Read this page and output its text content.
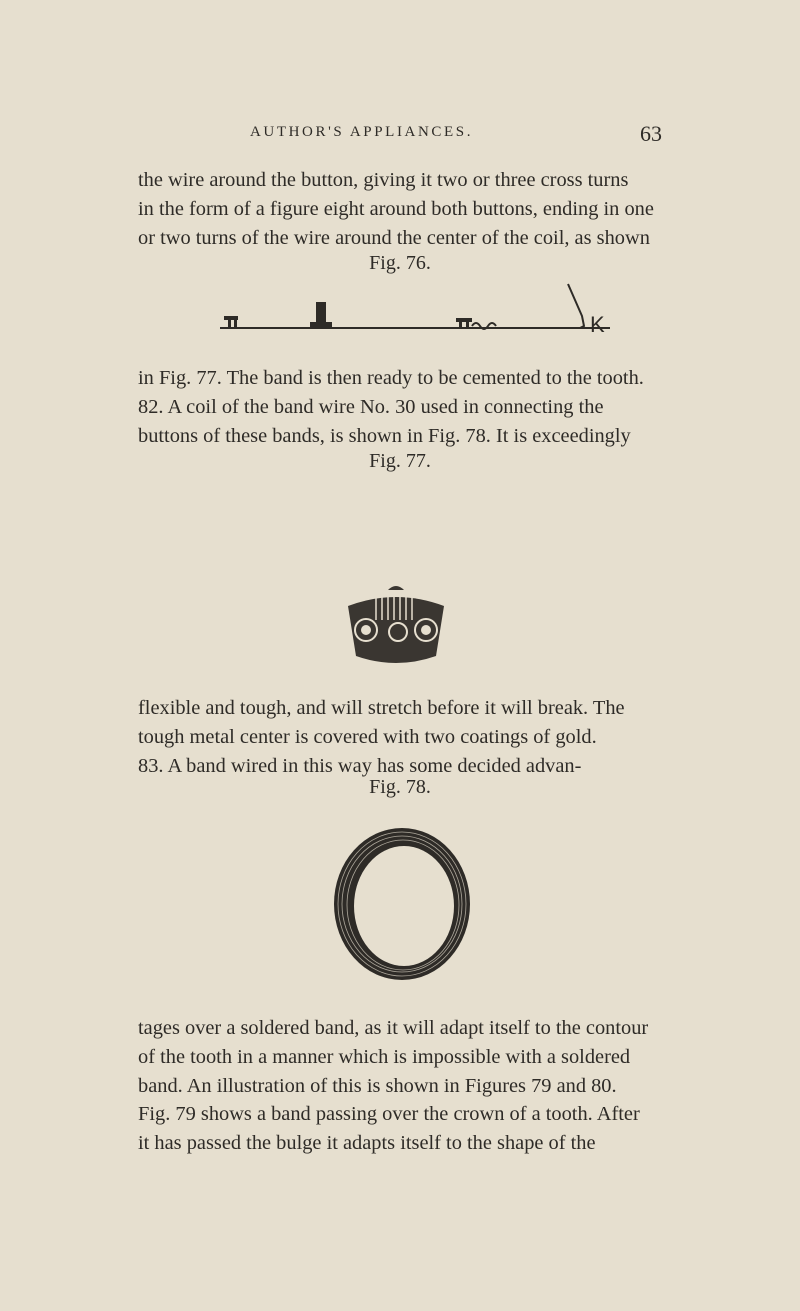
AUTHOR'S APPLIANCES.	63

the wire around the button, giving it two or three cross turns
in the form of a figure eight around both buttons, ending in one
or two turns of the wire around the center of the coil, as shown

Fig. 76.
K

in Fig. 77. The band is then ready to be cemented to the tooth.
82. A coil of the band wire No. 30 used in connecting the
buttons of these bands, is shown in Fig. 78. It is exceedingly

Fig. 77.

flexible and tough, and will stretch before it will break. The
tough metal center is covered with two coatings of gold.
83. A band wired in this way has some decided advan-

Fig. 78.

tages over a soldered band, as it will adapt itself to the contour
of the tooth in a manner which is impossible with a soldered
band. An illustration of this is shown in Figures 79 and 80.
Fig. 79 shows a band passing over the crown of a tooth. After
it has passed the bulge it adapts itself to the shape of the
